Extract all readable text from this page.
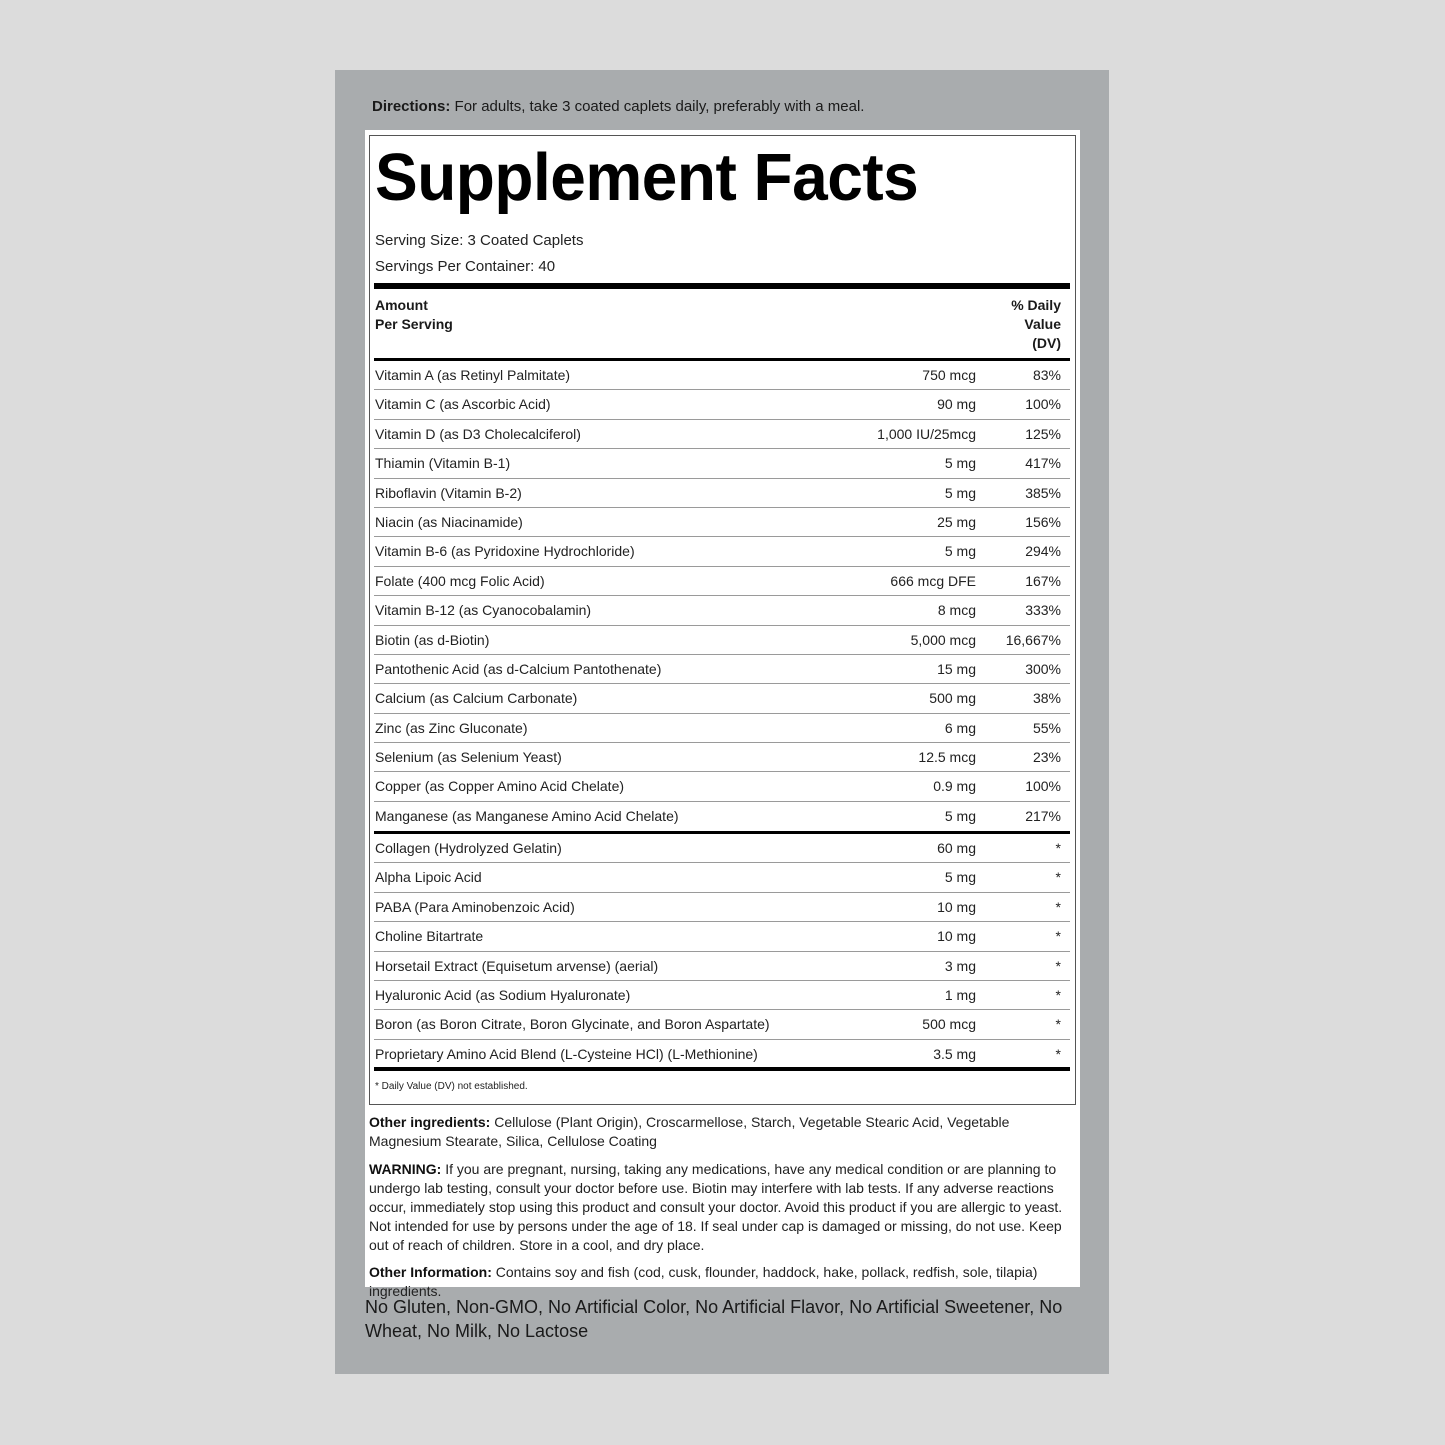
Directions: For adults, take 3 coated caplets daily, preferably with a meal.
Supplement Facts
Serving Size: 3 Coated Caplets
Servings Per Container: 40
Amount
Per Serving
% Daily
Value
(DV)
Vitamin A (as Retinyl Palmitate)	750 mcg	83%
Vitamin C (as Ascorbic Acid)	90 mg	100%
Vitamin D (as D3 Cholecalciferol)	1,000 IU/25mcg	125%
Thiamin (Vitamin B-1)	5 mg	417%
Riboflavin (Vitamin B-2)	5 mg	385%
Niacin (as Niacinamide)	25 mg	156%
Vitamin B-6 (as Pyridoxine Hydrochloride)	5 mg	294%
Folate (400 mcg Folic Acid)	666 mcg DFE	167%
Vitamin B-12 (as Cyanocobalamin)	8 mcg	333%
Biotin (as d-Biotin)	5,000 mcg 16,667%
Pantothenic Acid (as d-Calcium Pantothenate)	15 mg	300%
Calcium (as Calcium Carbonate)	500 mg	38%
Zinc (as Zinc Gluconate)	6 mg	55%
Selenium (as Selenium Yeast)	12.5 mcg	23%
Copper (as Copper Amino Acid Chelate)	0.9 mg	100%
Manganese (as Manganese Amino Acid Chelate)	5 mg	217%
Collagen (Hydrolyzed Gelatin)	60 mg	*
Alpha Lipoic Acid	5 mg	*
PABA (Para Aminobenzoic Acid)	10 mg	*
Choline Bitartrate	10 mg	*
Horsetail Extract (Equisetum arvense) (aerial)	3 mg	*
Hyaluronic Acid (as Sodium Hyaluronate)	1 mg	*
Boron (as Boron Citrate, Boron Glycinate, and Boron Aspartate)	500 mcg	*
Proprietary Amino Acid Blend (L-Cysteine HCl) (L-Methionine)	3.5 mg	*
* Daily Value (DV) not established.
Other ingredients: Cellulose (Plant Origin), Croscarmellose, Starch, Vegetable Stearic Acid, Vegetable Magnesium Stearate, Silica, Cellulose Coating
WARNING: If you are pregnant, nursing, taking any medications, have any medical condition or are planning to undergo lab testing, consult your doctor before use. Biotin may interfere with lab tests. If any adverse reactions occur, immediately stop using this product and consult your doctor. Avoid this product if you are allergic to yeast. Not intended for use by persons under the age of 18. If seal under cap is damaged or missing, do not use. Keep out of reach of children. Store in a cool, and dry place.
Other Information: Contains soy and fish (cod, cusk, flounder, haddock, hake, pollack, redfish, sole, tilapia) ingredients.
No Gluten, Non-GMO, No Artificial Color, No Artificial Flavor, No Artificial Sweetener, No Wheat, No Milk, No Lactose
